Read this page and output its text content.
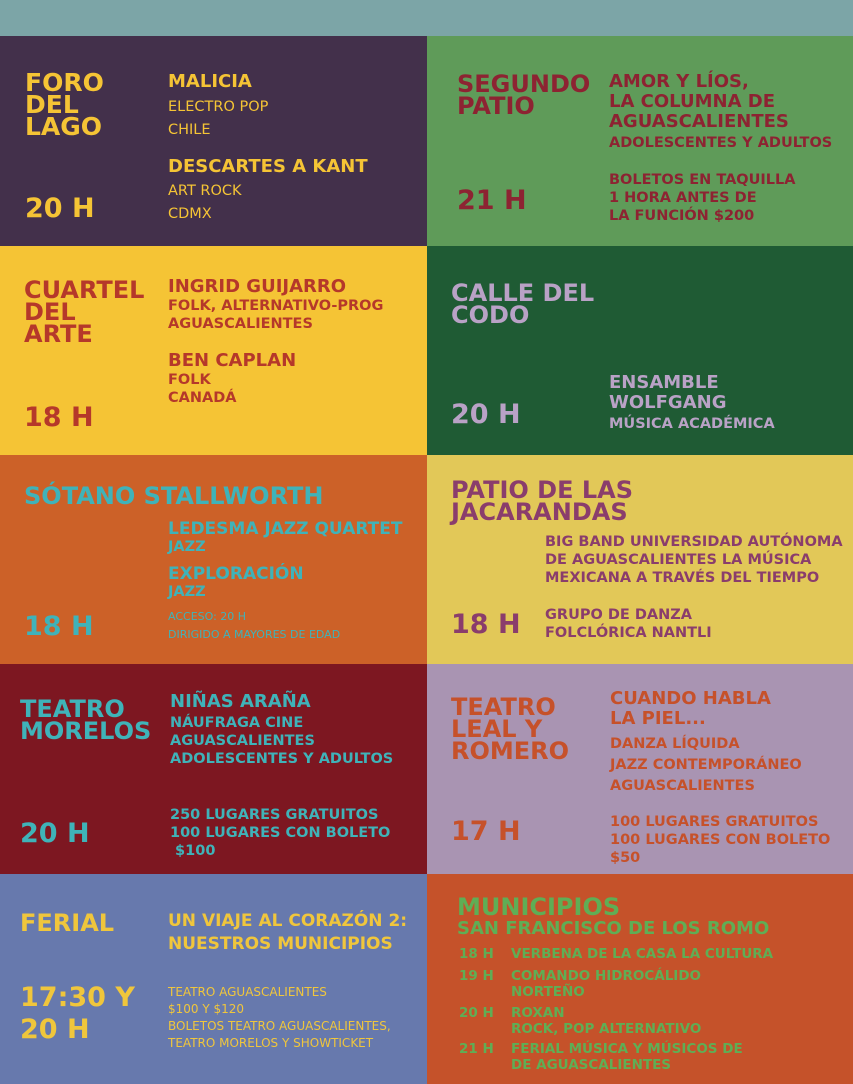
FORO
DEL
LAGO
20 H
MALICIA
ELECTRO POP
CHILE
DESCARTES A KANT
ART ROCK
CDMX
SEGUNDO
PATIO
21 H
AMOR Y LÍOS,
LA COLUMNA DE
AGUASCALIENTES
ADOLESCENTES Y ADULTOS
BOLETOS EN TAQUILLA
1 HORA ANTES DE
LA FUNCIÓN $200
CUARTEL
DEL
ARTE
18 H
INGRID GUIJARRO
FOLK, ALTERNATIVO-PROG
AGUASCALIENTES
BEN CAPLAN
FOLK
CANADÁ
CALLE DEL
CODO
20 H
ENSAMBLE
WOLFGANG
MÚSICA ACADÉMICA
SÓTANO STALLWORTH
18 H
LEDESMA JAZZ QUARTET
JAZZ
EXPLORACIÓN
JAZZ
ACCESO: 20 H
DIRIGIDO A MAYORES DE EDAD
PATIO DE LAS
JACARANDAS
18 H
BIG BAND UNIVERSIDAD AUTÓNOMA
DE AGUASCALIENTES LA MÚSICA
MEXICANA A TRAVÉS DEL TIEMPO
GRUPO DE DANZA
FOLCLÓRICA NANTLI
TEATRO
MORELOS
20 H
NIÑAS ARAÑA
NÁUFRAGA CINE
AGUASCALIENTES
ADOLESCENTES Y ADULTOS
250 LUGARES GRATUITOS
100 LUGARES CON BOLETO
$100
TEATRO
LEAL Y
ROMERO
17 H
CUANDO HABLA
LA PIEL...
DANZA LÍQUIDA
JAZZ CONTEMPORÁNEO
AGUASCALIENTES
100 LUGARES GRATUITOS
100 LUGARES CON BOLETO
$50
FERIAL
17:30 Y
20 H
UN VIAJE AL CORAZÓN 2:
NUESTROS MUNICIPIOS
TEATRO AGUASCALIENTES
$100 Y $120
BOLETOS TEATRO AGUASCALIENTES,
TEATRO MORELOS Y SHOWTICKET
MUNICIPIOS
SAN FRANCISCO DE LOS ROMO
18 H	VERBENA DE LA CASA LA CULTURA
19 H	COMANDO HIDROCÁLIDO
NORTEÑO
20 H	ROXAN
ROCK, POP ALTERNATIVO
21 H	FERIAL MÚSICA Y MÚSICOS DE
DE AGUASCALIENTES
